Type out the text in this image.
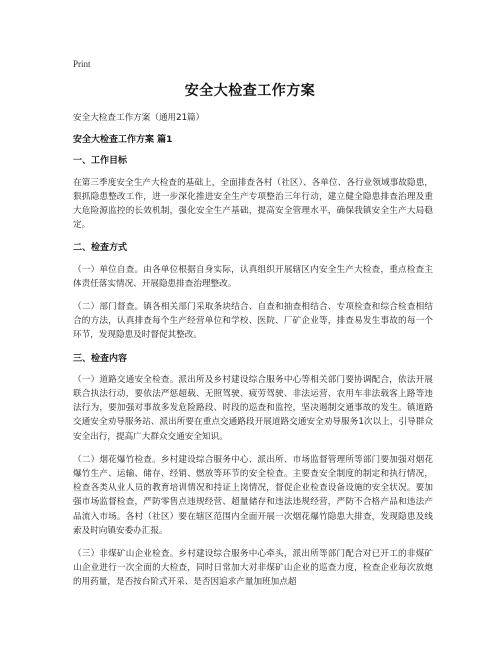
Print
安全大检查工作方案

安全大检查工作方案（通用21篇）

安全大检查工作方案 篇1

一、工作目标

在第三季度安全生产大检查的基础上，全面排查各村（社区）、各单位、各行业领域事故隐患，狠抓隐患整改工作，进一步深化推进安全生产专项整治三年行动，建立健全隐患排查治理及重大危险源监控的长效机制，强化安全生产基础，提高安全管理水平，确保我镇安全生产大局稳定。

二、检查方式

（一）单位自查。由各单位根据自身实际，认真组织开展辖区内安全生产大检查，重点检查主体责任落实情况、开展隐患排查治理整改。

（二）部门督查。镇各相关部门采取条块结合、自查和抽查相结合、专项检查和综合检查相结合的方法，认真排查每个生产经营单位和学校、医院、厂矿企业等，排查易发生事故的每一个环节，发现隐患及时督促其整改。

三、检查内容

（一）道路交通安全检查。派出所及乡村建设综合服务中心等相关部门要协调配合，依法开展联合执法行动，要依法严惩超载、无照驾驶、疲劳驾驶、非法运营、农用车非法载客上路等违法行为，要加强对事故多发危险路段、时段的巡查和监控，坚决遏制交通事故的发生。镇道路交通安全劝导服务站、派出所要在重点交通路段开展道路交通安全劝导服务1次以上，引导群众安全出行，提高广大群众交通安全知识。

（二）烟花爆竹检查。乡村建设综合服务中心、派出所、市场监督管理所等部门要加强对烟花爆竹生产、运输、储存、经销、燃放等环节的安全检查。主要查安全制度的制定和执行情况，检查各类从业人员的教育培训情况和持证上岗情况，督促企业检查设备设施的安全状况。要加强市场监督检查，严防零售点违规经营、超量储存和违法违规经营，严防不合格产品和违法产品流入市场。各村（社区）要在辖区范围内全面开展一次烟花爆竹隐患大排查，发现隐患及线索及时向镇安委办汇报。

（三）非煤矿山企业检查。乡村建设综合服务中心牵头，派出所等部门配合对已开工的非煤矿山企业进行一次全面的大检查，同时日常加大对非煤矿山企业的巡查力度，检查企业每次放炮的用药量，是否按台阶式开采、是否因追求产量加班加点超
